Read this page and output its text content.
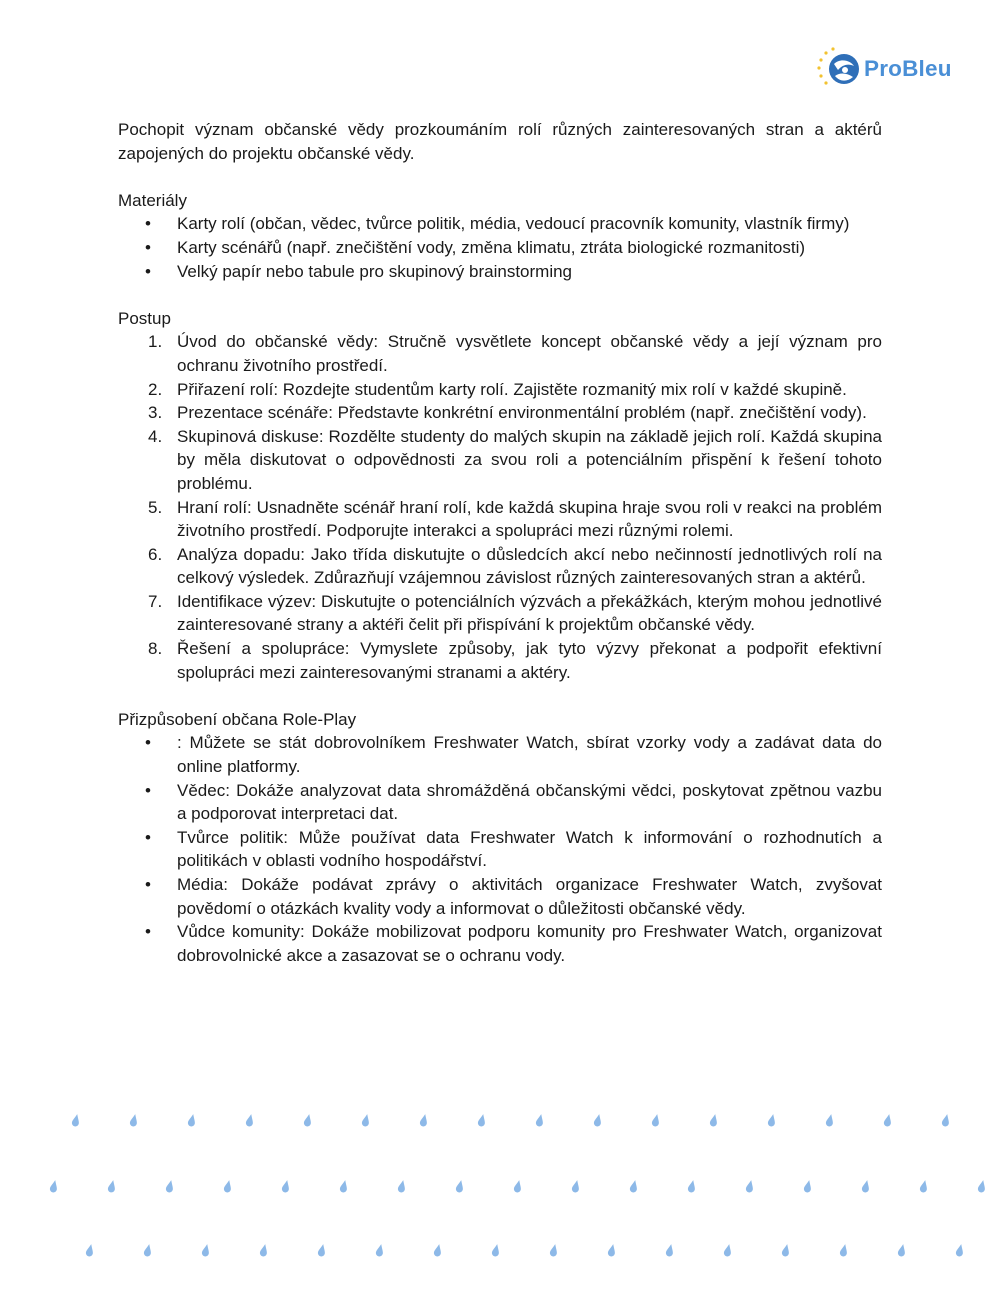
ProBleu

Pochopit význam občanské vědy prozkoumáním rolí různých zainteresovaných stran a aktérů zapojených do projektu občanské vědy.

Materiály

• Karty rolí (občan, vědec, tvůrce politik, média, vedoucí pracovník komunity, vlastník firmy)
• Karty scénářů (např. znečištění vody, změna klimatu, ztráta biologické rozmanitosti)
• Velký papír nebo tabule pro skupinový brainstorming

Postup

1. Úvod do občanské vědy: Stručně vysvětlete koncept občanské vědy a její význam pro ochranu životního prostředí.
2. Přiřazení rolí: Rozdejte studentům karty rolí. Zajistěte rozmanitý mix rolí v každé skupině.
3. Prezentace scénáře: Představte konkrétní environmentální problém (např. znečištění vody).
4. Skupinová diskuse: Rozdělte studenty do malých skupin na základě jejich rolí. Každá skupina by měla diskutovat o odpovědnosti za svou roli a potenciálním přispění k řešení tohoto problému.
5. Hraní rolí: Usnadněte scénář hraní rolí, kde každá skupina hraje svou roli v reakci na problém životního prostředí. Podporujte interakci a spolupráci mezi různými rolemi.
6. Analýza dopadu: Jako třída diskutujte o důsledcích akcí nebo nečinností jednotlivých rolí na celkový výsledek. Zdůrazňují vzájemnou závislost různých zainteresovaných stran a aktérů.
7. Identifikace výzev: Diskutujte o potenciálních výzvách a překážkách, kterým mohou jednotlivé zainteresované strany a aktéři čelit při přispívání k projektům občanské vědy.
8. Řešení a spolupráce: Vymyslete způsoby, jak tyto výzvy překonat a podpořit efektivní spolupráci mezi zainteresovanými stranami a aktéry.

Přizpůsobení občana Role-Play

• : Můžete se stát dobrovolníkem Freshwater Watch, sbírat vzorky vody a zadávat data do online platformy.
• Vědec: Dokáže analyzovat data shromážděná občanskými vědci, poskytovat zpětnou vazbu a podporovat interpretaci dat.
• Tvůrce politik: Může používat data Freshwater Watch k informování o rozhodnutích a politikách v oblasti vodního hospodářství.
• Média: Dokáže podávat zprávy o aktivitách organizace Freshwater Watch, zvyšovat povědomí o otázkách kvality vody a informovat o důležitosti občanské vědy.
• Vůdce komunity: Dokáže mobilizovat podporu komunity pro Freshwater Watch, organizovat dobrovolnické akce a zasazovat se o ochranu vody.
